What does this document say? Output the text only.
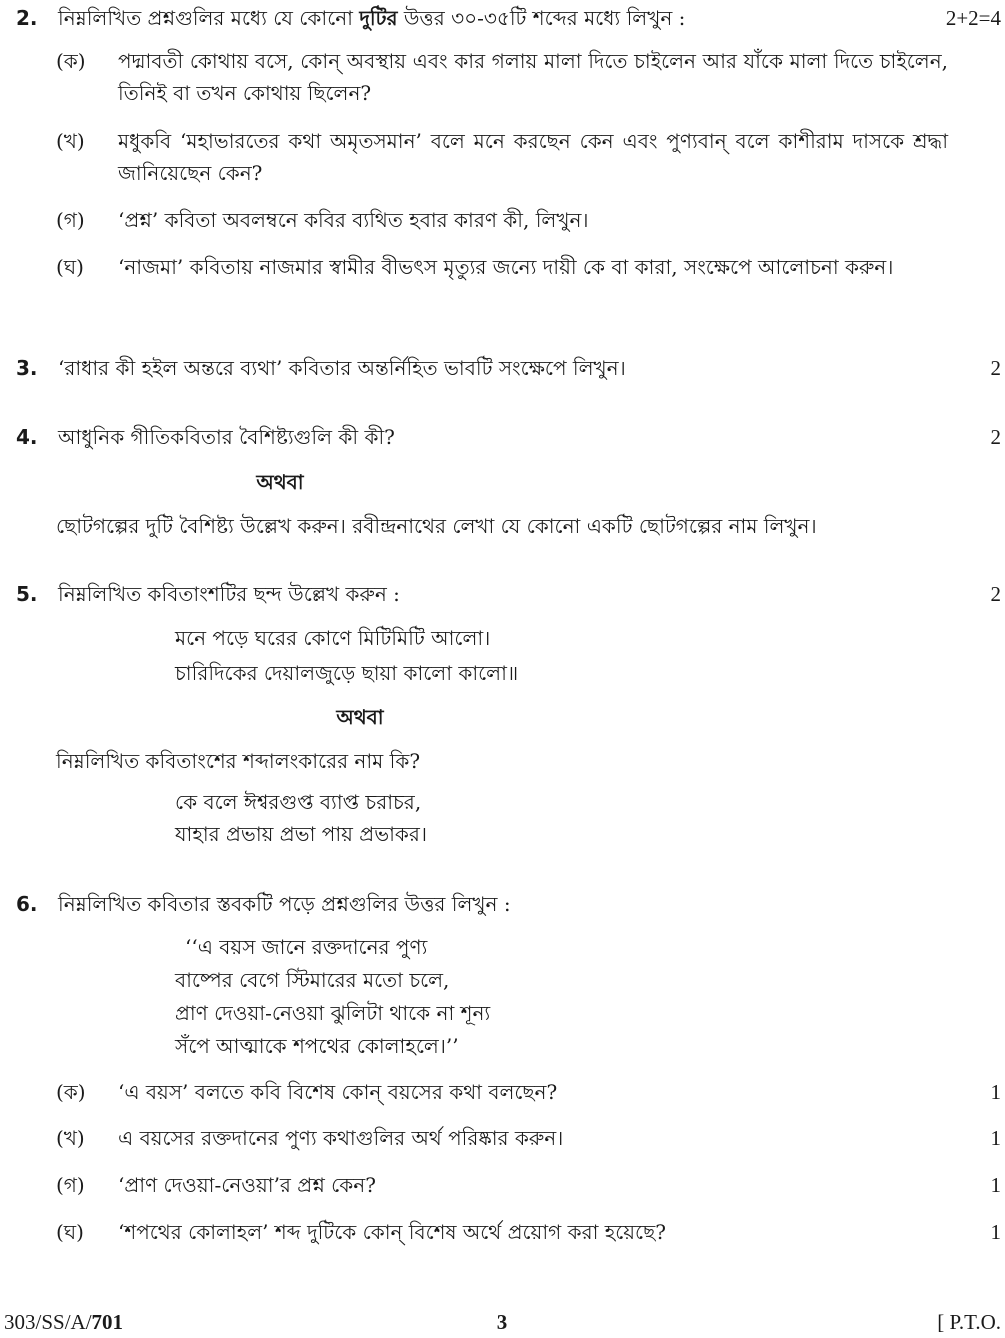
2.	নিম্নলিখিত প্রশ্নগুলির মধ্যে যে কোনো দুটির উত্তর ৩০-৩৫টি শব্দের মধ্যে লিখুন :	2+2=4
(ক)	পদ্মাবতী কোথায় বসে, কোন্ অবস্থায় এবং কার গলায় মালা দিতে চাইলেন আর যাঁকে মালা দিতে চাইলেন, তিনিই বা তখন কোথায় ছিলেন?
(খ)	মধুকবি ‘মহাভারতের কথা অমৃতসমান’ বলে মনে করছেন কেন এবং পুণ্যবান্ বলে কাশীরাম দাসকে শ্রদ্ধা জানিয়েছেন কেন?
(গ)	‘প্রশ্ন’ কবিতা অবলম্বনে কবির ব্যথিত হবার কারণ কী, লিখুন।
(ঘ)	‘নাজমা’ কবিতায় নাজমার স্বামীর বীভৎস মৃত্যুর জন্যে দায়ী কে বা কারা, সংক্ষেপে আলোচনা করুন।
3.	‘রাধার কী হইল অন্তরে ব্যথা’ কবিতার অন্তর্নিহিত ভাবটি সংক্ষেপে লিখুন।	2
4.	আধুনিক গীতিকবিতার বৈশিষ্ট্যগুলি কী কী?	2
অথবা
ছোটগল্পের দুটি বৈশিষ্ট্য উল্লেখ করুন। রবীন্দ্রনাথের লেখা যে কোনো একটি ছোটগল্পের নাম লিখুন।
5.	নিম্নলিখিত কবিতাংশটির ছন্দ উল্লেখ করুন :	2
মনে পড়ে ঘরের কোণে মিটিমিটি আলো।
চারিদিকের দেয়ালজুড়ে ছায়া কালো কালো॥
অথবা
নিম্নলিখিত কবিতাংশের শব্দালংকারের নাম কি?
কে বলে ঈশ্বরগুপ্ত ব্যাপ্ত চরাচর,
যাহার প্রভায় প্রভা পায় প্রভাকর।
6.	নিম্নলিখিত কবিতার স্তবকটি পড়ে প্রশ্নগুলির উত্তর লিখুন :
‘‘এ বয়স জানে রক্তদানের পুণ্য
বাষ্পের বেগে স্টিমারের মতো চলে,
প্রাণ দেওয়া-নেওয়া ঝুলিটা থাকে না শূন্য
সঁপে আত্মাকে শপথের কোলাহলে।’’
(ক)	‘এ বয়স’ বলতে কবি বিশেষ কোন্ বয়সের কথা বলছেন?	1
(খ)	এ বয়সের রক্তদানের পুণ্য কথাগুলির অর্থ পরিষ্কার করুন।	1
(গ)	‘প্রাণ দেওয়া-নেওয়া’র প্রশ্ন কেন?	1
(ঘ)	‘শপথের কোলাহল’ শব্দ দুটিকে কোন্ বিশেষ অর্থে প্রয়োগ করা হয়েছে?	1
303/SS/A/701	3	[ P.T.O.
